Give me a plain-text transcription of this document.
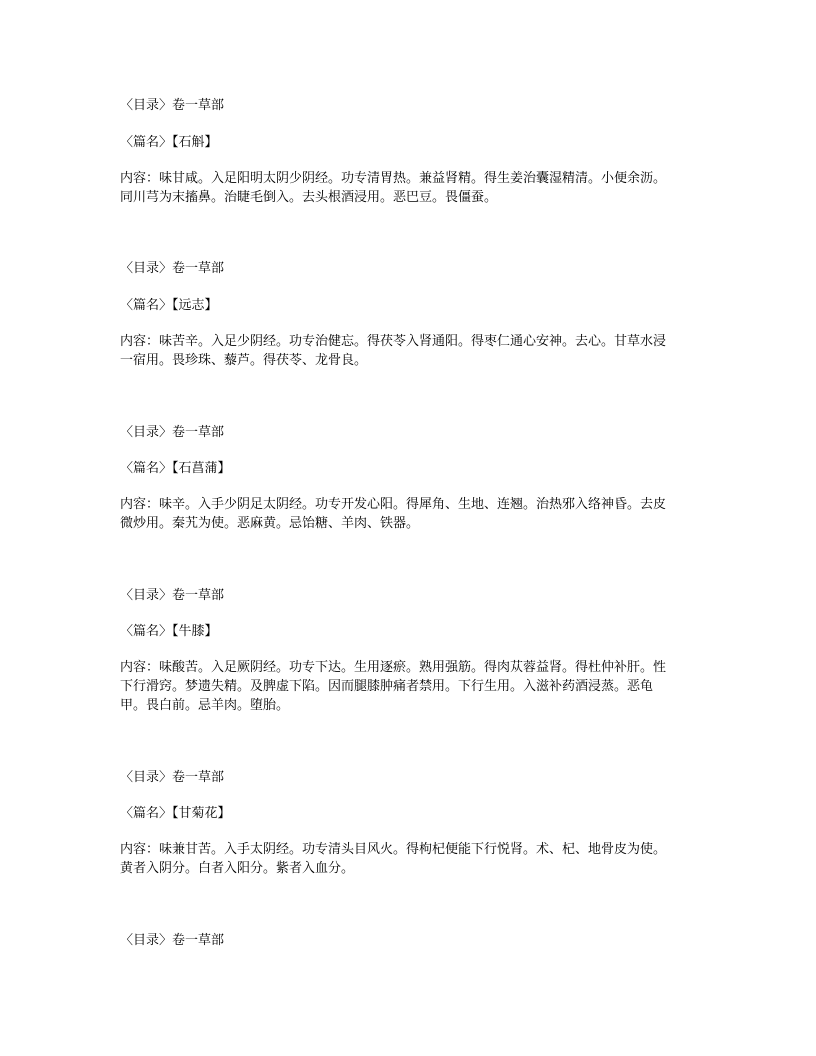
〈目录〉卷一草部
〈篇名〉【石斛】
内容：味甘咸。入足阳明太阴少阴经。功专清胃热。兼益肾精。得生姜治囊湿精清。小便余沥。同川芎为末搐鼻。治睫毛倒入。去头根酒浸用。恶巴豆。畏僵蚕。
〈目录〉卷一草部
〈篇名〉【远志】
内容：味苦辛。入足少阴经。功专治健忘。得茯苓入肾通阳。得枣仁通心安神。去心。甘草水浸一宿用。畏珍珠、藜芦。得茯苓、龙骨良。
〈目录〉卷一草部
〈篇名〉【石菖蒲】
内容：味辛。入手少阴足太阴经。功专开发心阳。得犀角、生地、连翘。治热邪入络神昏。去皮微炒用。秦艽为使。恶麻黄。忌饴糖、羊肉、铁器。
〈目录〉卷一草部
〈篇名〉【牛膝】
内容：味酸苦。入足厥阴经。功专下达。生用逐瘀。熟用强筋。得肉苁蓉益肾。得杜仲补肝。性下行滑窍。梦遗失精。及脾虚下陷。因而腿膝肿痛者禁用。下行生用。入滋补药酒浸蒸。恶龟甲。畏白前。忌羊肉。堕胎。
〈目录〉卷一草部
〈篇名〉【甘菊花】
内容：味兼甘苦。入手太阴经。功专清头目风火。得枸杞便能下行悦肾。术、杞、地骨皮为使。黄者入阴分。白者入阳分。紫者入血分。
〈目录〉卷一草部
